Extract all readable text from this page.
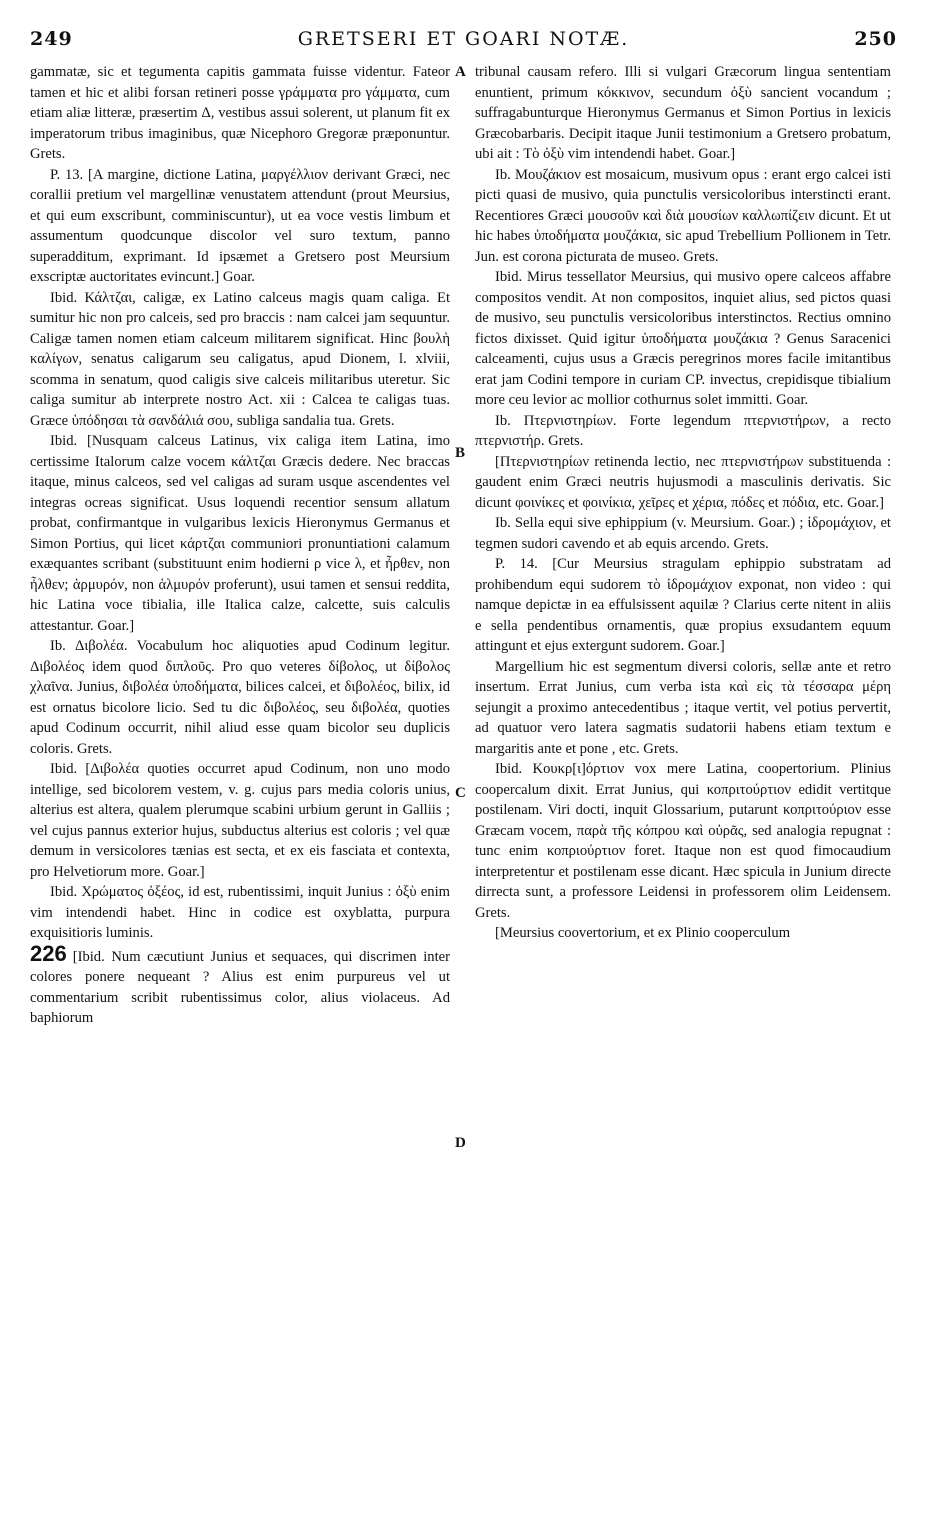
249	GRETSERI ET GOARI NOTÆ.	250

gammatæ, sic et tegumenta capitis gammata fuisse videntur. Fateor tamen et hic et alibi forsan retineri posse γράμματα pro γάμματα, cum etiam aliæ litteræ, præsertim Δ, vestibus assui solerent, ut planum fit ex imperatorum tribus imaginibus, quæ Nicephoro Gregoræ præponuntur. Grets.

P. 13. [A margine, dictione Latina, μαργέλλιον derivant Græci, nec corallii pretium vel margellinæ venustatem attendunt (prout Meursius, et qui eum exscribunt, comminiscuntur), ut ea voce vestis limbum et assumentum quodcunque discolor vel suro textum, panno superadditum, exprimant. Id ipsæmet a Gretsero post Meursium exscriptæ auctoritates evincunt.] Goar.

Ibid. Κάλτζαι, caligæ, ex Latino calceus magis quam caliga. Et sumitur hic non pro calceis, sed pro braccis : nam calcei jam sequuntur. Caligæ tamen nomen etiam calceum militarem significat. Hinc βουλὴ καλίγων, senatus caligarum seu caligatus, apud Dionem, l. xlviii, scomma in senatum, quod caligis sive calceis militaribus uteretur. Sic caliga sumitur ab interprete nostro Act. xii : Calcea te caligas tuas. Græce ὑπόδησαι τὰ σανδάλιά σου, subliga sandalia tua. Grets.

Ibid. [Nusquam calceus Latinus, vix caliga item Latina, imo certissime Italorum calze vocem κάλτζαι Græcis dedere. Nec braccas itaque, minus calceos, sed vel caligas ad suram usque ascendentes vel integras ocreas significat. Usus loquendi recentior sensum allatum probat, confirmantque in vulgaribus lexicis Hieronymus Germanus et Simon Portius, qui licet κάρτζαι communiori pronuntiationi calamum exæquantes scribant (substituunt enim hodierni ρ vice λ, et ἦρθεν, non ἦλθεν; ἁρμυρόν, non ἁλμυρόν proferunt), usui tamen et sensui reddita, hic Latina voce tibialia, ille Italica calze, calcette, suis calculis attestantur. Goar.]

Ib. Διβολέα. Vocabulum hoc aliquoties apud Codinum legitur. Διβολέος idem quod διπλοῦς. Pro quo veteres δίβολος, ut δίβολος χλαῖνα. Junius, διβολέα ὑποδήματα, bilices calcei, et διβολέος, bilix, id est ornatus bicolore licio. Sed tu dic διβολέος, seu διβολέα, quoties apud Codinum occurrit, nihil aliud esse quam bicolor seu duplicis coloris. Grets.

Ibid. [Διβολέα quoties occurret apud Codinum, non uno modo intellige, sed bicolorem vestem, v. g. cujus pars media coloris unius, alterius est altera, qualem plerumque scabini urbium gerunt in Galliis ; vel cujus pannus exterior hujus, subductus alterius est coloris ; vel quæ demum in versicolores tænias est secta, et ex eis fasciata et contexta, pro Helvetiorum more. Goar.]

Ibid. Χρώματος ὀξέος, id est, rubentissimi, inquit Junius : ὀξὺ enim vim intendendi habet. Hinc in codice est oxyblatta, purpura exquisitioris luminis.

226 [Ibid. Num cæcutiunt Junius et sequaces, qui discrimen inter colores ponere nequeant ? Alius est enim purpureus vel ut commentarium scribit rubentissimus color, alius violaceus. Ad baphiorum

A
B
C
D

tribunal causam refero. Illi si vulgari Græcorum lingua sententiam enuntient, primum κόκκινον, secundum ὀξὺ sancient vocandum ; suffragabunturque Hieronymus Germanus et Simon Portius in lexicis Græcobarbaris. Decipit itaque Junii testimonium a Gretsero probatum, ubi ait : Τὸ ὀξὺ vim intendendi habet. Goar.]

Ib. Μουζάκιον est mosaicum, musivum opus : erant ergo calcei isti picti quasi de musivo, quia punctulis versicoloribus interstincti erant. Recentiores Græci μουσοῦν καὶ διὰ μουσίων καλλωπίζειν dicunt. Et ut hic habes ὑποδήματα μουζάκια, sic apud Trebellium Pollionem in Tetr. Jun. est corona picturata de museo. Grets.

Ibid. Mirus tessellator Meursius, qui musivo opere calceos affabre compositos vendit. At non compositos, inquiet alius, sed pictos quasi de musivo, seu punctulis versicoloribus interstinctos. Rectius omnino fictos dixisset. Quid igitur ὑποδήματα μουζάκια ? Genus Saracenici calceamenti, cujus usus a Græcis peregrinos mores facile imitantibus erat jam Codini tempore in curiam CP. invectus, crepidisque tibialium more ceu levior ac mollior cothurnus solet immitti. Goar.

Ib. Πτερνιστηρίων. Forte legendum πτερνιστήρων, a recto πτερνιστήρ. Grets.

[Πτερνιστηρίων retinenda lectio, nec πτερνιστήρων substituenda : gaudent enim Græci neutris hujusmodi a masculinis derivatis. Sic dicunt φοινίκες et φοινίκια, χεῖρες et χέρια, πόδες et πόδια, etc. Goar.]

Ib. Sella equi sive ephippium (v. Meursium. Goar.) ; ἱδρομάχιον, et tegmen sudori cavendo et ab equis arcendo. Grets.

P. 14. [Cur Meursius stragulam ephippio substratam ad prohibendum equi sudorem τὸ ἱδρομάχιον exponat, non video : qui namque depictæ in ea effulsissent aquilæ ? Clarius certe nitent in aliis e sella pendentibus ornamentis, quæ propius exsudantem equum attingunt et ejus extergunt sudorem. Goar.]

Margellium hic est segmentum diversi coloris, sellæ ante et retro insertum. Errat Junius, cum verba ista καὶ εἰς τὰ τέσσαρα μέρη sejungit a proximo antecedentibus ; itaque vertit, vel potius pervertit, ad quatuor vero latera sagmatis sudatorii habens etiam textum e margaritis ante et pone , etc. Grets.

Ibid. Κουκρ[ι]όρτιον vox mere Latina, coopertorium. Plinius coopercalum dixit. Errat Junius, qui κοπριτούρτιον edidit vertitque postilenam. Viri docti, inquit Glossarium, putarunt κοπριτούριον esse Græcam vocem, παρὰ τῆς κόπρου καὶ οὐρᾶς, sed analogia repugnat : tunc enim κοπριούρτιον foret. Itaque non est quod fimocaudium interpretentur et postilenam esse dicant. Hæc spicula in Junium directe dirrecta sunt, a professore Leidensi in professorem olim Leidensem. Grets.

[Meursius coovertorium, et ex Plinio cooperculum
